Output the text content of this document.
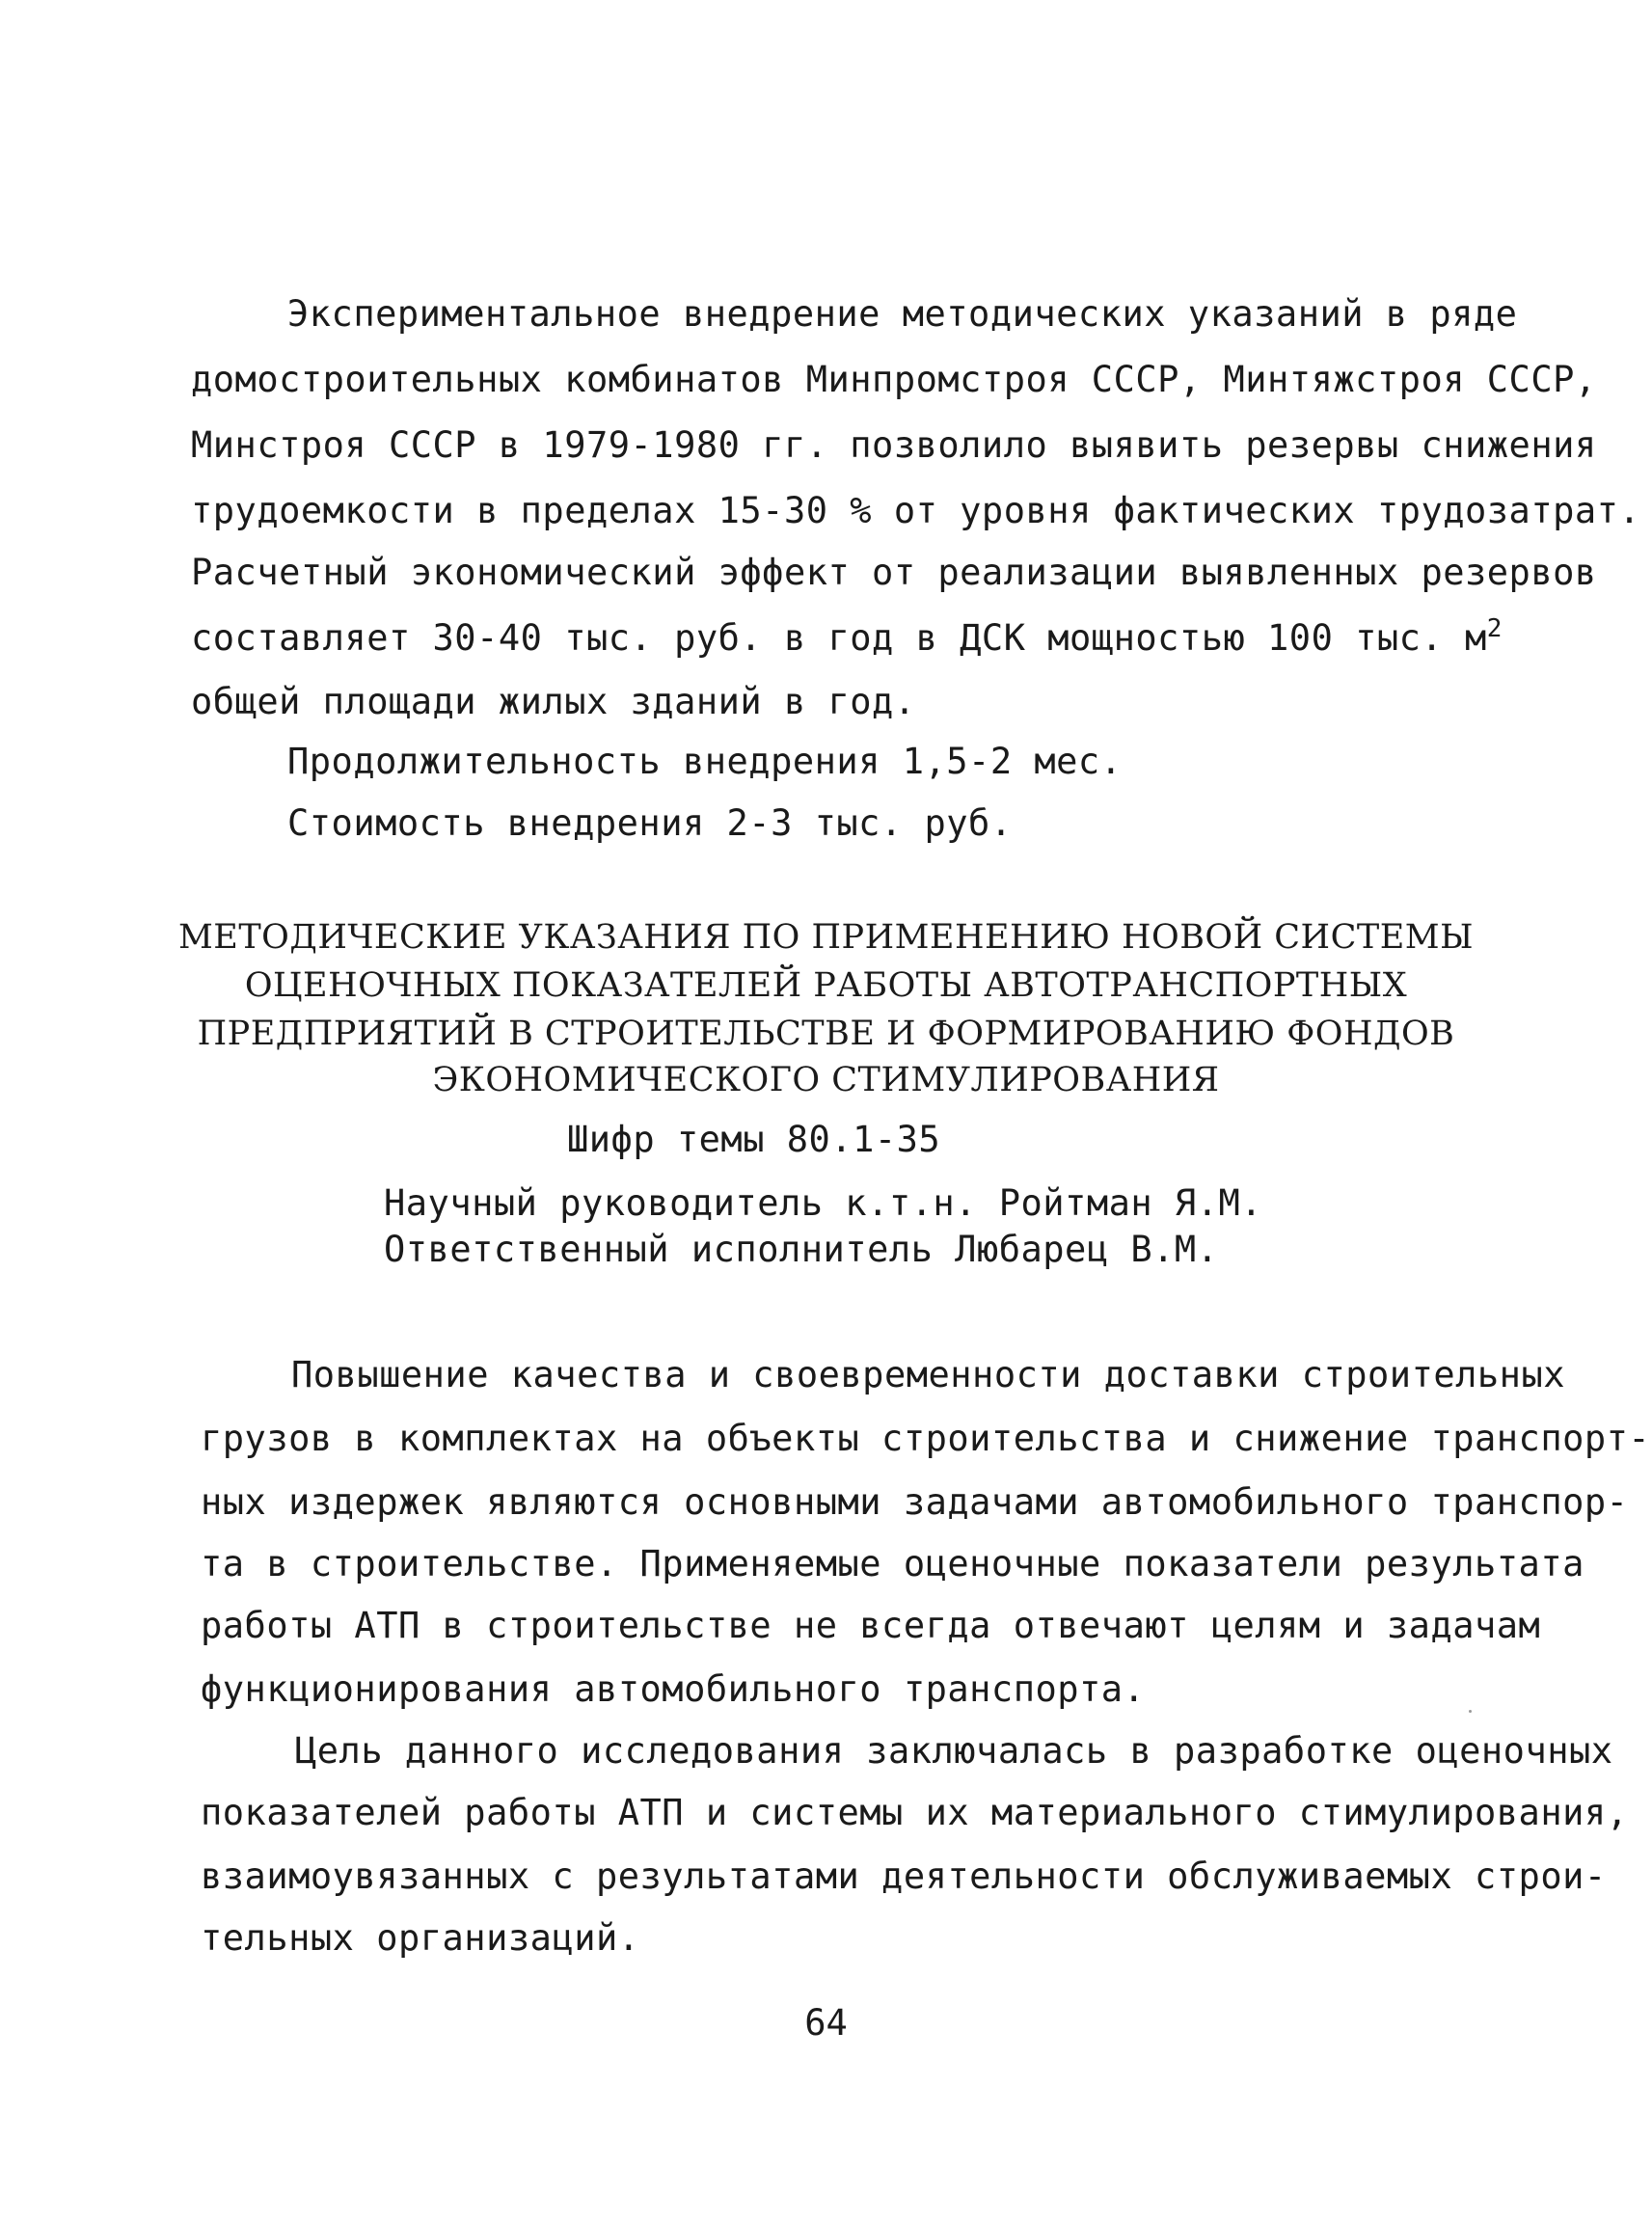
Экспериментальное внедрение методических указаний в ряде
домостроительных комбинатов Минпромстроя СССР, Минтяжстроя СССР,
Минстроя СССР в 1979-1980 гг. позволило выявить резервы снижения
трудоемкости в пределах 15-30 % от уровня фактических трудозатрат.
Расчетный экономический эффект от реализации выявленных резервов
составляет 30-40 тыс. руб. в год в ДСК мощностью 100 тыс. $м^2$
общей площади жилых зданий в год.
Продолжительность внедрения 1,5-2 мес.
Стоимость внедрения 2-3 тыс. руб.
МЕТОДИЧЕСКИЕ УКАЗАНИЯ ПО ПРИМЕНЕНИЮ НОВОЙ СИСТЕМЫ
ОЦЕНОЧНЫХ ПОКАЗАТЕЛЕЙ РАБОТЫ АВТОТРАНСПОРТНЫХ
ПРЕДПРИЯТИЙ В СТРОИТЕЛЬСТВЕ И ФОРМИРОВАНИЮ ФОНДОВ
ЭКОНОМИЧЕСКОГО СТИМУЛИРОВАНИЯ
Шифр темы 80.1-35
Научный руководитель к.т.н. Ройтман Я.М.
Ответственный исполнитель Любарец В.М.
Повышение качества и своевременности доставки строительных
грузов в комплектах на объекты строительства и снижение транспорт-
ных издержек являются основными задачами автомобильного транспор-
та в строительстве. Применяемые оценочные показатели результата
работы АТП в строительстве не всегда отвечают целям и задачам
функционирования автомобильного транспорта.
Цель данного исследования заключалась в разработке оценочных
показателей работы АТП и системы их материального стимулирования,
взаимоувязанных с результатами деятельности обслуживаемых строи-
тельных организаций.
64
